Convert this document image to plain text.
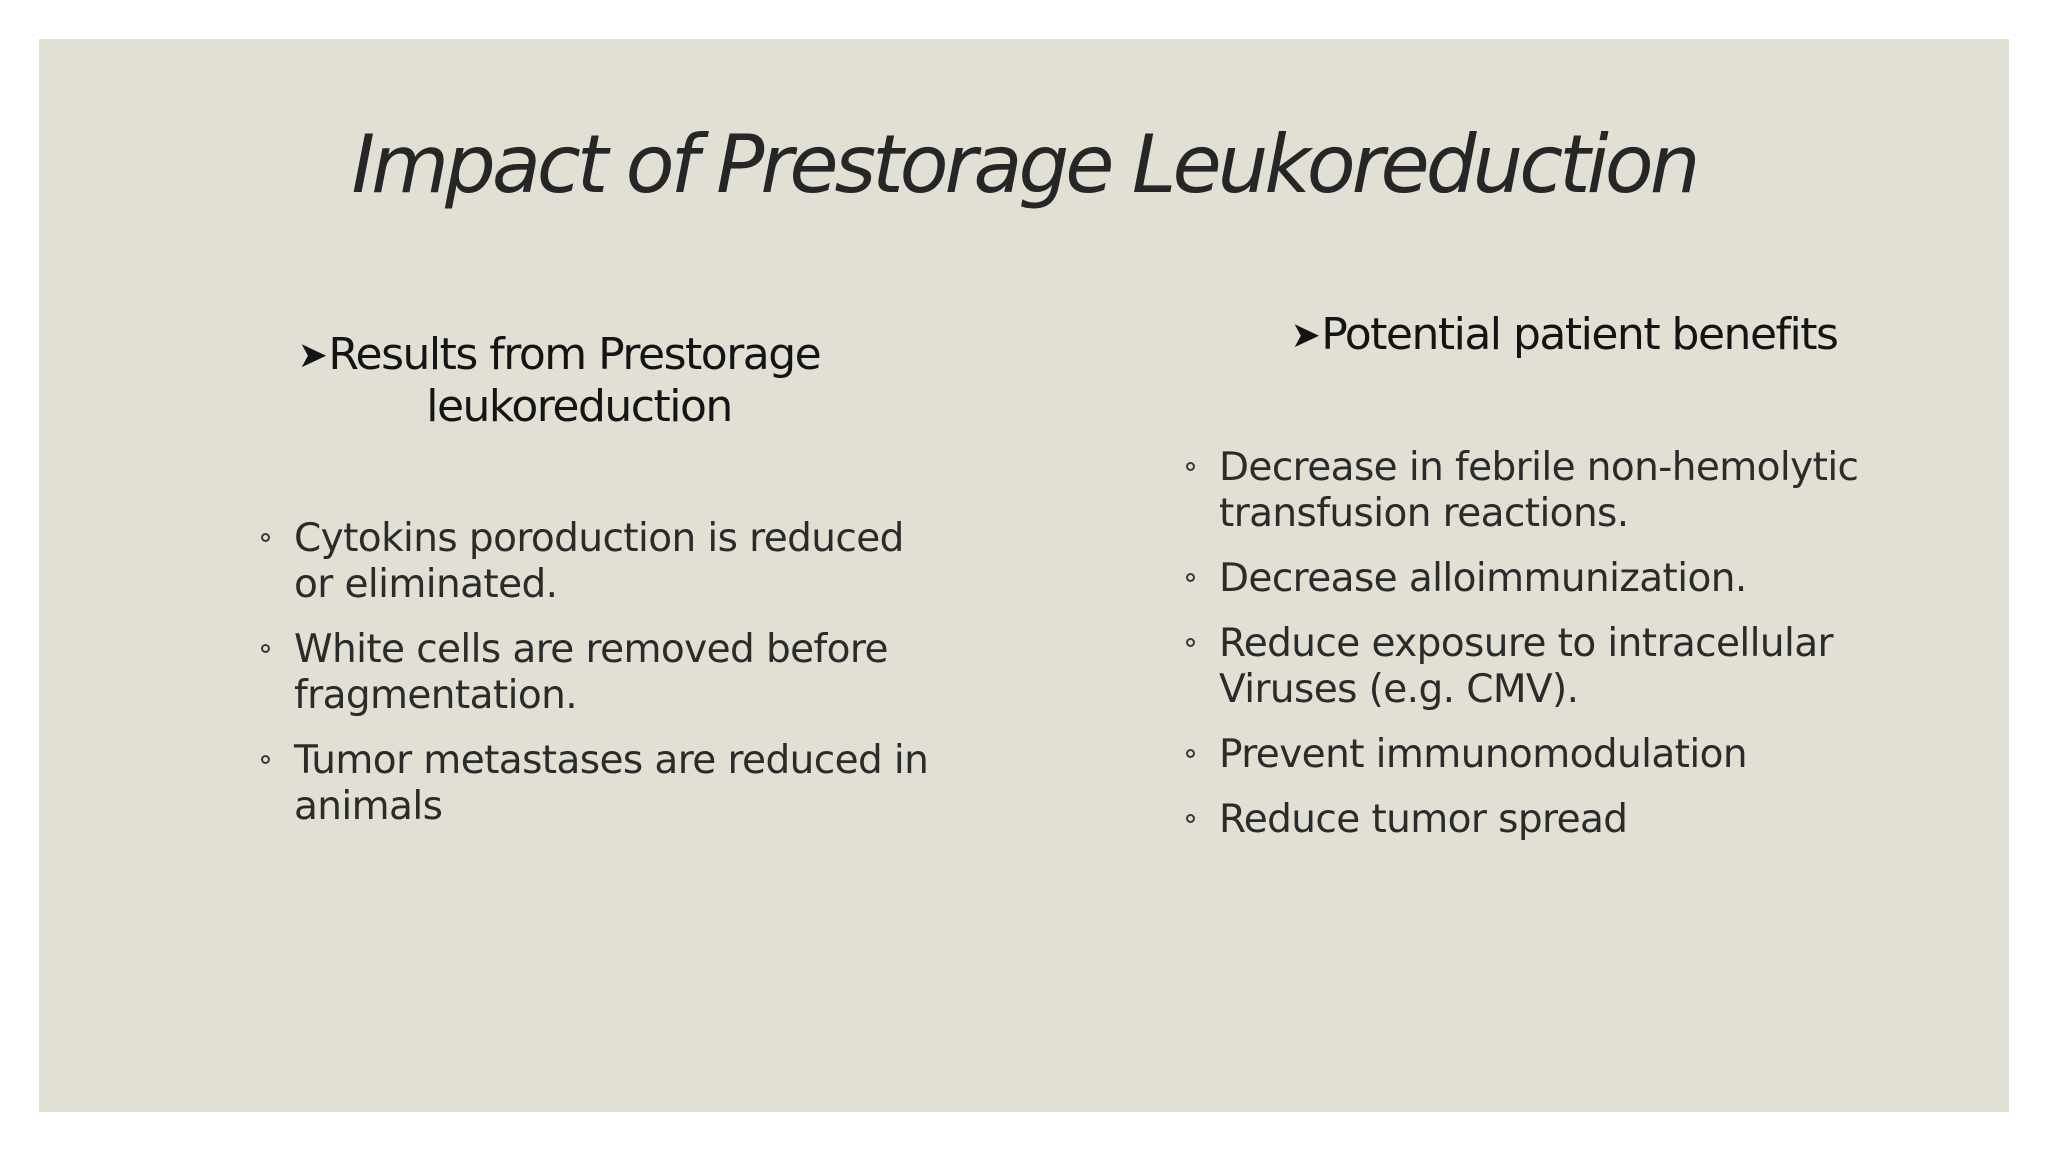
Impact of Prestorage Leukoreduction
➤Results from Prestorage
leukoreduction
Cytokins poroduction is reduced or eliminated.
White cells are removed before fragmentation.
Tumor metastases are reduced in animals
➤Potential patient benefits
Decrease in febrile non-hemolytic transfusion reactions.
Decrease alloimmunization.
Reduce exposure to intracellular Viruses (e.g. CMV).
Prevent immunomodulation
Reduce tumor spread
